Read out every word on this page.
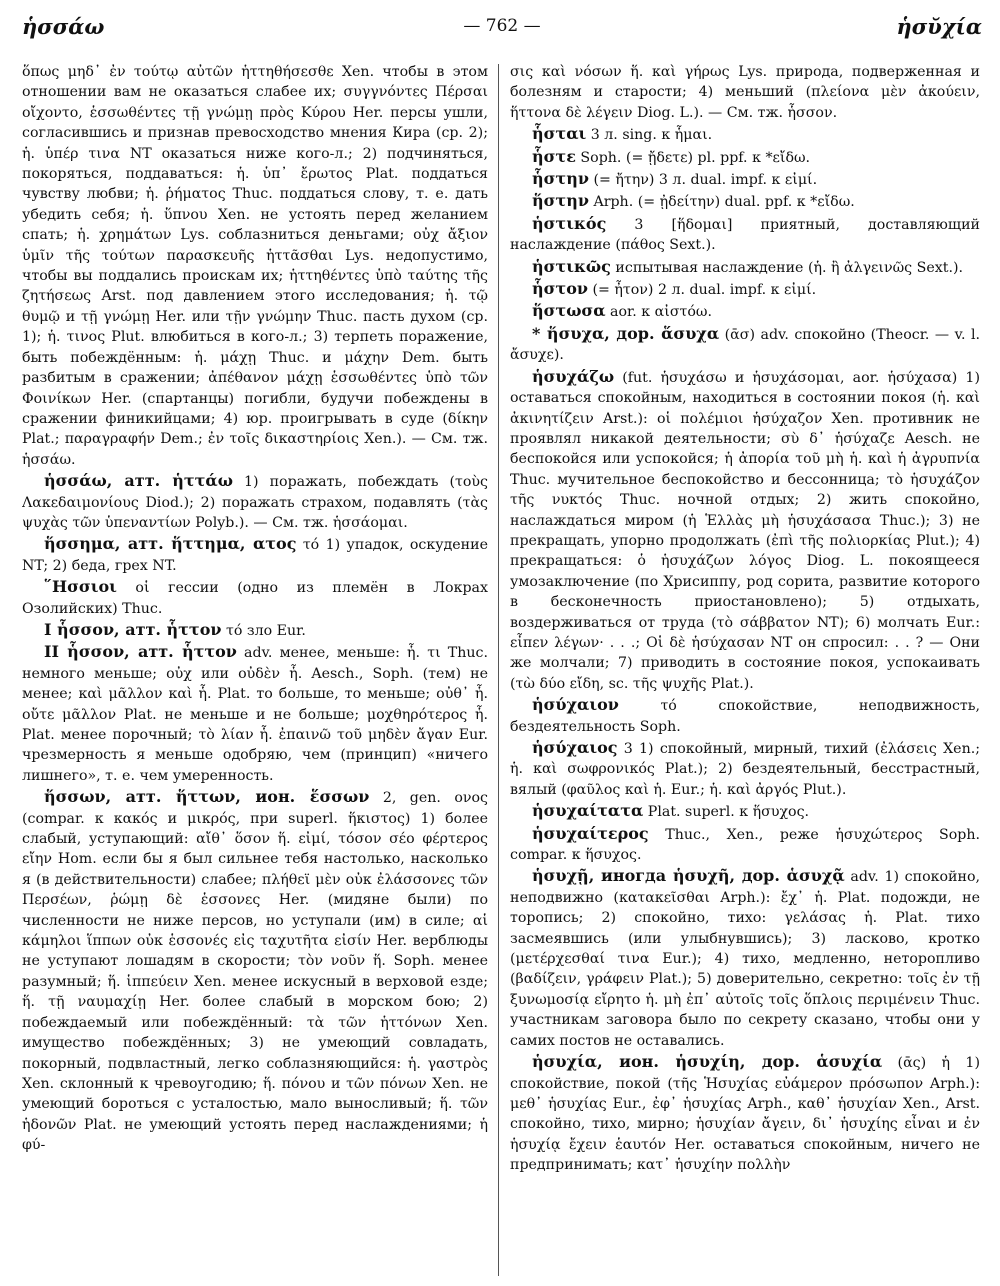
ἡσσάω	— 762 —	ἡσῠχία

ὅπως μηδ᾽ ἐν τούτῳ αὐτῶν ἡττηθήσεσθε Xen. чтобы в этом отношении вам не оказаться слабее их; συγγνόντες Πέρσαι οἴχοντο, ἑσσωθέντες τῇ γνώμῃ πρὸς Κύρου Her. персы ушли, согласившись и признав превосходство мнения Кира (ср. 2); ἡ. ὑπέρ τινα NT оказаться ниже кого-л.; 2) подчиняться, покоряться, поддаваться: ἡ. ὑπ᾽ ἔρωτος Plat. поддаться чувству любви; ἡ. ῥήματος Thuc. поддаться слову, т. е. дать убедить себя; ἡ. ὕπνου Xen. не устоять перед желанием спать; ἡ. χρημάτων Lys. соблазниться деньгами; οὐχ ἄξιον ὑμῖν τῆς τούτων παρασκευῆς ἡττᾶσθαι Lys. недопустимо, чтобы вы поддались проискам их; ἡττηθέντες ὑπὸ ταύτης τῆς ζητήσεως Arst. под давлением этого исследования; ἡ. τῷ θυμῷ и τῇ γνώμῃ Her. или τῇν γνώμην Thuc. пасть духом (ср. 1); ἡ. τινος Plut. влюбиться в кого-л.; 3) терпеть поражение, быть побеждённым: ἡ. μάχῃ Thuc. и μάχην Dem. быть разбитым в сражении; ἀπέθανον μάχῃ ἑσσωθέντες ὑπὸ τῶν Φοινίκων Her. (спартанцы) погибли, будучи побеждены в сражении финикийцами; 4) юр. проигрывать в суде (δίκην Plat.; παραγραφήν Dem.; ἐν τοῖς δικαστηρίοις Xen.). — См. тж. ἡσσάω.

ἡσσάω, атт. ἡττάω 1) поражать, побеждать (τοὺς Λακεδαιμονίους Diod.); 2) поражать страхом, подавлять (τὰς ψυχὰς τῶν ὑπεναντίων Polyb.). — См. тж. ἡσσάομαι.

ἥσσημα, атт. ἥττημα, ατος τό 1) упадок, оскудение NT; 2) беда, грех NT.

῞Ησσιοι οἱ гессии (одно из племён в Локрах Озолийских) Thuc.

I ἧσσον, атт. ἧττον τό зло Eur.

II ἧσσον, атт. ἧττον adv. менее, меньше: ἧ. τι Thuc. немного меньше; οὐχ или οὐδὲν ἧ. Aesch., Soph. (тем) не менее; καὶ μᾶλλον καὶ ἧ. Plat. то больше, то меньше; οὐθ᾽ ἧ. οὔτε μᾶλλον Plat. не меньше и не больше; μοχθηρότερος ἧ. Plat. менее порочный; τὸ λίαν ἧ. ἐπαινῶ τοῦ μηδὲν ἄγαν Eur. чрезмерность я меньше одобряю, чем (принцип) «ничего лишнего», т. е. чем умеренность.

ἥσσων, атт. ἥττων, ион. ἕσσων 2, gen. ονος (compar. к κακός и μικρός, при superl. ἥκιστος) 1) более слабый, уступающий: αἴθ᾽ ὅσον ἥ. εἰμί, τόσον σέο φέρτερος εἴην Hom. если бы я был сильнее тебя настолько, насколько я (в действительности) слабее; πλήθεϊ μὲν οὐκ ἐλάσσονες τῶν Περσέων, ῥώμῃ δὲ ἑσσονες Her. (мидяне были) по численности не ниже персов, но уступали (им) в силе; αἱ κάμηλοι ἵππων οὐκ ἑσσονές εἰς ταχυτῆτα εἰσίν Her. верблюды не уступают лошадям в скорости; τὸν νοῦν ἥ. Soph. менее разумный; ἥ. ἱππεύειν Xen. менее искусный в верховой езде; ἥ. τῇ ναυμαχίῃ Her. более слабый в морском бою; 2) побеждаемый или побеждённый: τὰ τῶν ἡττόνων Xen. имущество побеждённых; 3) не умеющий совладать, покорный, подвластный, легко соблазняющийся: ἡ. γαστρὸς Xen. склонный к чревоугодию; ἥ. πόνου и τῶν πόνων Xen. не умеющий бороться с усталостью, мало выносливый; ἥ. τῶν ἡδονῶν Plat. не умеющий устоять перед наслаждениями; ἡ φύ-

σις καὶ νόσων ἥ. καὶ γήρως Lys. природа, подверженная и болезням и старости; 4) меньший (πλείονα μὲν ἀκούειν, ἥττονα δὲ λέγειν Diog. L.). — См. тж. ἧσσον.

ἧσται 3 л. sing. к ἧμαι.

ἧστε Soph. (= ᾔδετε) pl. ppf. к *εἴδω.

ἧστην (= ἤτην) 3 л. dual. impf. к εἰμί.

ἥστην Arph. (= ᾐδείτην) dual. ppf. к *εἴδω.

ἡστικός 3 [ἥδομαι] приятный, доставляющий наслаждение (πάθος Sext.).

ἡστικῶς испытывая наслаждение (ἡ. ἢ ἀλγεινῶς Sext.).

ἧστον (= ἦτον) 2 л. dual. impf. к εἰμί.

ἥστωσα aor. к αἰστόω.

* ἥσυχα, дор. ἅσυχα (ᾱσ) adv. спокойно (Theocr. — v. l. ἄσυχε).

ἡσυχάζω (fut. ἡσυχάσω и ἡσυχάσομαι, aor. ἡσύχασα) 1) оставаться спокойным, находиться в состоянии покоя (ἡ. καὶ ἀκινητίζειν Arst.): οἱ πολέμιοι ἡσύχαζον Xen. противник не проявлял никакой деятельности; σὺ δ᾽ ἡσύχαζε Aesch. не беспокойся или успокойся; ἡ ἀπορία τοῦ μὴ ἡ. καὶ ἡ ἀγρυπνία Thuc. мучительное беспокойство и бессонница; τὸ ἡσυχάζον τῆς νυκτός Thuc. ночной отдых; 2) жить спокойно, наслаждаться миром (ἡ Ἑλλὰς μὴ ἡσυχάσασα Thuc.); 3) не прекращать, упорно продолжать (ἐπὶ τῆς πολιορκίας Plut.); 4) прекращаться: ὁ ἡσυχάζων λόγος Diog. L. покоящееся умозаключение (по Хрисиппу, род сорита, развитие которого в бесконечность приостановлено); 5) отдыхать, воздерживаться от труда (τὸ σάββατον NT); 6) молчать Eur.: εἶπεν λέγων· . . .; Οἱ δὲ ἡσύχασαν NT он спросил: . . ? — Они же молчали; 7) приводить в состояние покоя, успокаивать (τὼ δύο εἴδη, sc. τῆς ψυχῆς Plat.).

ἡσύχαιον τό спокойствие, неподвижность, бездеятельность Soph.

ἡσύχαιος 3 1) спокойный, мирный, тихий (ἐλάσεις Xen.; ἡ. καὶ σωφρονικός Plat.); 2) бездеятельный, бесстрастный, вялый (φαῦλος καὶ ἡ. Eur.; ἡ. καὶ ἀργός Plut.).

ἡσυχαίτατα Plat. superl. к ἥσυχος.

ἡσυχαίτερος Thuc., Xen., реже ἡσυχώτερος Soph. compar. к ἥσυχος.

ἡσυχῇ, иногда ἡσυχῆ, дор. ἁσυχᾷ adv. 1) спокойно, неподвижно (κατακεῖσθαι Arph.): ἔχ᾽ ἡ. Plat. подожди, не торопись; 2) спокойно, тихо: γελάσας ἡ. Plat. тихо засмеявшись (или улыбнувшись); 3) ласково, кротко (μετέρχεσθαί τινα Eur.); 4) тихо, медленно, неторопливо (βαδίζειν, γράφειν Plat.); 5) доверительно, секретно: τοῖς ἐν τῇ ξυνωμοσίᾳ εἴρητο ἡ. μὴ ἐπ᾽ αὐτοῖς τοῖς ὅπλοις περιμένειν Thuc. участникам заговора было по секрету сказано, чтобы они у самих постов не оставались.

ἡσυχία, ион. ἡσυχίη, дор. ἁσυχία (ᾱς) ἡ 1) спокойствие, покой (τῆς Ἡσυχίας εὐάμερον πρόσωπον Arph.): μεθ᾽ ἡσυχίας Eur., ἐφ᾽ ἡσυχίας Arph., καθ᾽ ἡσυχίαν Xen., Arst. спокойно, тихо, мирно; ἡσυχίαν ἄγειν, δι᾽ ἡσυχίης εἶναι и ἐν ἡσυχίᾳ ἔχειν ἑαυτόν Her. оставаться спокойным, ничего не предпринимать; κατ᾽ ἡσυχίην πολλὴν
